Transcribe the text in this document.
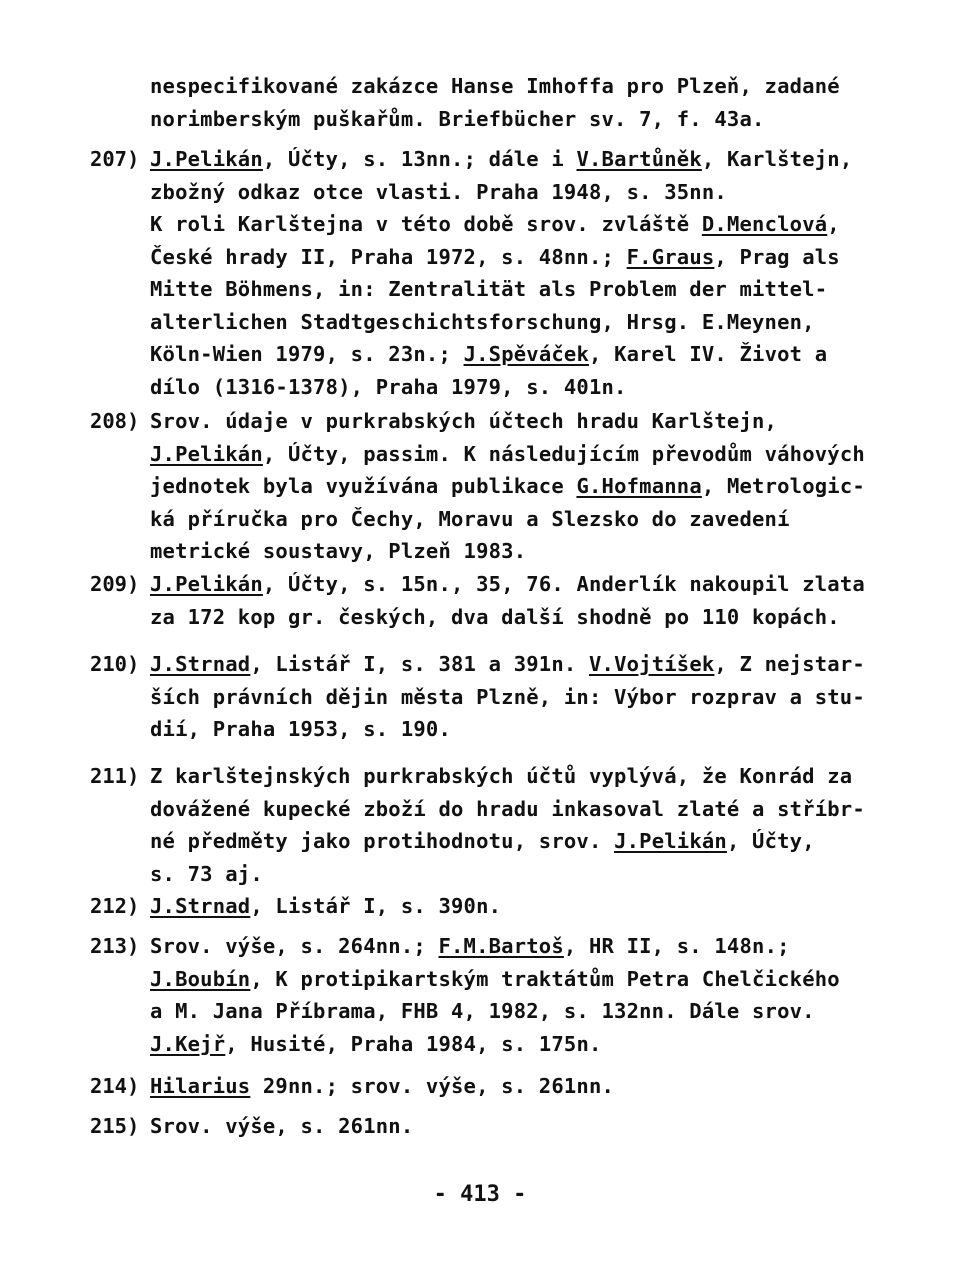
nespecifikované zakázce Hanse Imhoffa pro Plzeň, zadané
norimberským puškařům. Briefbücher sv. 7, f. 43a.
207) J.Pelikán, Účty, s. 13nn.; dále i V.Bartůněk, Karlštejn,
zbožný odkaz otce vlasti. Praha 1948, s. 35nn.
K roli Karlštejna v této době srov. zvláště D.Menclová,
České hrady II, Praha 1972, s. 48nn.; F.Graus, Prag als
Mitte Böhmens, in: Zentralität als Problem der mittel-
alterlichen Stadtgeschichtsforschung, Hrsg. E.Meynen,
Köln-Wien 1979, s. 23n.; J.Spěváček, Karel IV. Život a
dílo (1316-1378), Praha 1979, s. 401n.
208) Srov. údaje v purkrabských účtech hradu Karlštejn,
J.Pelikán, Účty, passim. K následujícím převodům váhových
jednotek byla využívána publikace G.Hofmanna, Metrologic-
ká příručka pro Čechy, Moravu a Slezsko do zavedení
metrické soustavy, Plzeň 1983.
209) J.Pelikán, Účty, s. 15n., 35, 76. Anderlík nakoupil zlata
za 172 kop gr. českých, dva další shodně po 110 kopách.
210) J.Strnad, Listář I, s. 381 a 391n. V.Vojtíšek, Z nejstar-
ších právních dějin města Plzně, in: Výbor rozprav a stu-
dií, Praha 1953, s. 190.
211) Z karlštejnských purkrabských účtů vyplývá, že Konrád za
dovážené kupecké zboží do hradu inkasoval zlaté a stříbr-
né předměty jako protihodnotu, srov. J.Pelikán, Účty,
s. 73 aj.
212) J.Strnad, Listář I, s. 390n.
213) Srov. výše, s. 264nn.; F.M.Bartoš, HR II, s. 148n.;
J.Boubín, K protipikartským traktátům Petra Chelčického
a M. Jana Příbrama, FHB 4, 1982, s. 132nn. Dále srov.
J.Kejř, Husité, Praha 1984, s. 175n.
214) Hilarius 29nn.; srov. výše, s. 261nn.
215) Srov. výše, s. 261nn.
- 413 -
